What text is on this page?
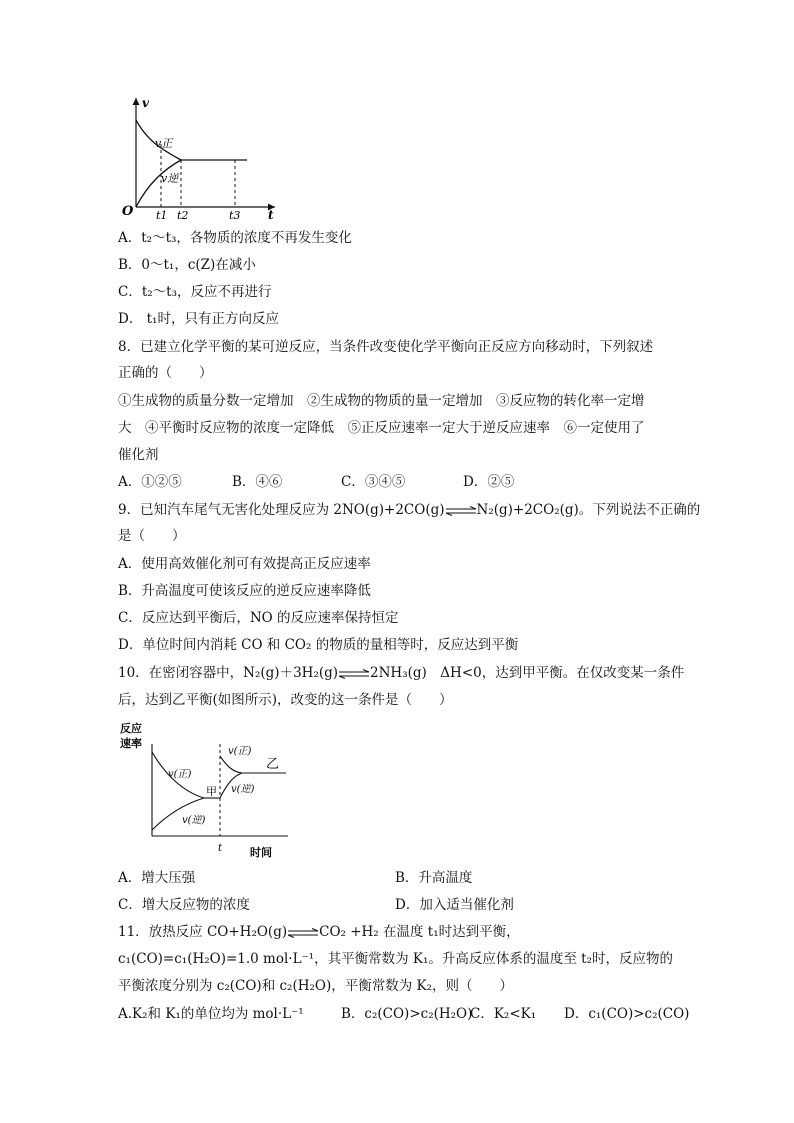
v
t
O
v正
v逆
t1 t2	t3
A．t₂～t₃，各物质的浓度不再发生变化
B．0～t₁，c(Z)在减小
C．t₂～t₃，反应不再进行
D． t₁时，只有正方向反应
8．已建立化学平衡的某可逆反应，当条件改变使化学平衡向正反应方向移动时，下列叙述
正确的（　　）
①生成物的质量分数一定增加　②生成物的物质的量一定增加　③反应物的转化率一定增
大　④平衡时反应物的浓度一定降低　⑤正反应速率一定大于逆反应速率　⑥一定使用了
催化剂
A．①②⑤	B．④⑥	C．③④⑤	D．②⑤
9．已知汽车尾气无害化处理反应为 2NO(g)+2CO(g)⇌N₂(g)+2CO₂(g)。下列说法不正确的
是（　　）
A．使用高效催化剂可有效提高正反应速率
B．升高温度可使该反应的逆反应速率降低
C．反应达到平衡后，NO 的反应速率保持恒定
D．单位时间内消耗 CO 和 CO₂ 的物质的量相等时，反应达到平衡
10．在密闭容器中，N₂(g)＋3H₂(g)⇌2NH₃(g)　ΔH<0，达到甲平衡。在仅改变某一条件
后，达到乙平衡(如图所示)，改变的这一条件是（　　）
反应
速率
时间
t
v(正)
v(逆)
v(正)
v(逆)
甲
乙
A．增大压强	B．升高温度
C．增大反应物的浓度	D．加入适当催化剂
11．放热反应 CO+H₂O(g)⇌CO₂ +H₂ 在温度 t₁时达到平衡，
c₁(CO)=c₁(H₂O)=1.0 mol·L⁻¹，其平衡常数为 K₁。升高反应体系的温度至 t₂时，反应物的
平衡浓度分别为 c₂(CO)和 c₂(H₂O)，平衡常数为 K₂，则（　　）
A.K₂和 K₁的单位均为 mol·L⁻¹	B．c₂(CO)>c₂(H₂O)
C．K₂<K₁ D．c₁(CO)>c₂(CO)
